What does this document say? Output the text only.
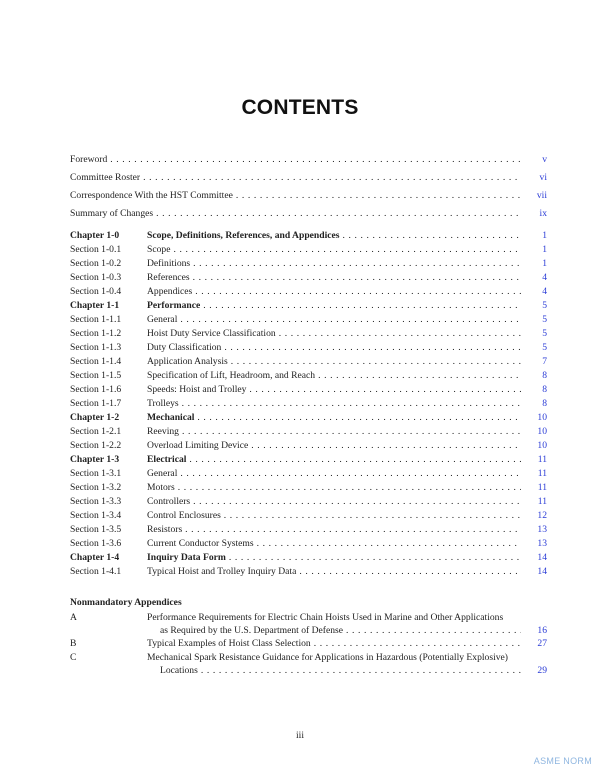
CONTENTS
Foreword . . .	v
Committee Roster . . .	vi
Correspondence With the HST Committee . . .	vii
Summary of Changes . . .	ix
Chapter 1-0	Scope, Definitions, References, and Appendices . . .	1
Section 1-0.1	Scope . . .	1
Section 1-0.2	Definitions . . .	1
Section 1-0.3	References . . .	4
Section 1-0.4	Appendices . . .	4
Chapter 1-1	Performance . . .	5
Section 1-1.1	General . . .	5
Section 1-1.2	Hoist Duty Service Classification . . .	5
Section 1-1.3	Duty Classification . . .	5
Section 1-1.4	Application Analysis . . .	7
Section 1-1.5	Specification of Lift, Headroom, and Reach . . .	8
Section 1-1.6	Speeds: Hoist and Trolley . . .	8
Section 1-1.7	Trolleys . . .	8
Chapter 1-2	Mechanical . . .	10
Section 1-2.1	Reeving . . .	10
Section 1-2.2	Overload Limiting Device . . .	10
Chapter 1-3	Electrical . . .	11
Section 1-3.1	General . . .	11
Section 1-3.2	Motors . . .	11
Section 1-3.3	Controllers . . .	11
Section 1-3.4	Control Enclosures . . .	12
Section 1-3.5	Resistors . . .	13
Section 1-3.6	Current Conductor Systems . . .	13
Chapter 1-4	Inquiry Data Form . . .	14
Section 1-4.1	Typical Hoist and Trolley Inquiry Data . . .	14
Nonmandatory Appendices
A	Performance Requirements for Electric Chain Hoists Used in Marine and Other Applications
as Required by the U.S. Department of Defense . . .	16
B	Typical Examples of Hoist Class Selection . . .	27
C	Mechanical Spark Resistance Guidance for Applications in Hazardous (Potentially Explosive)
Locations . . .	29
iii
ASME NORM
